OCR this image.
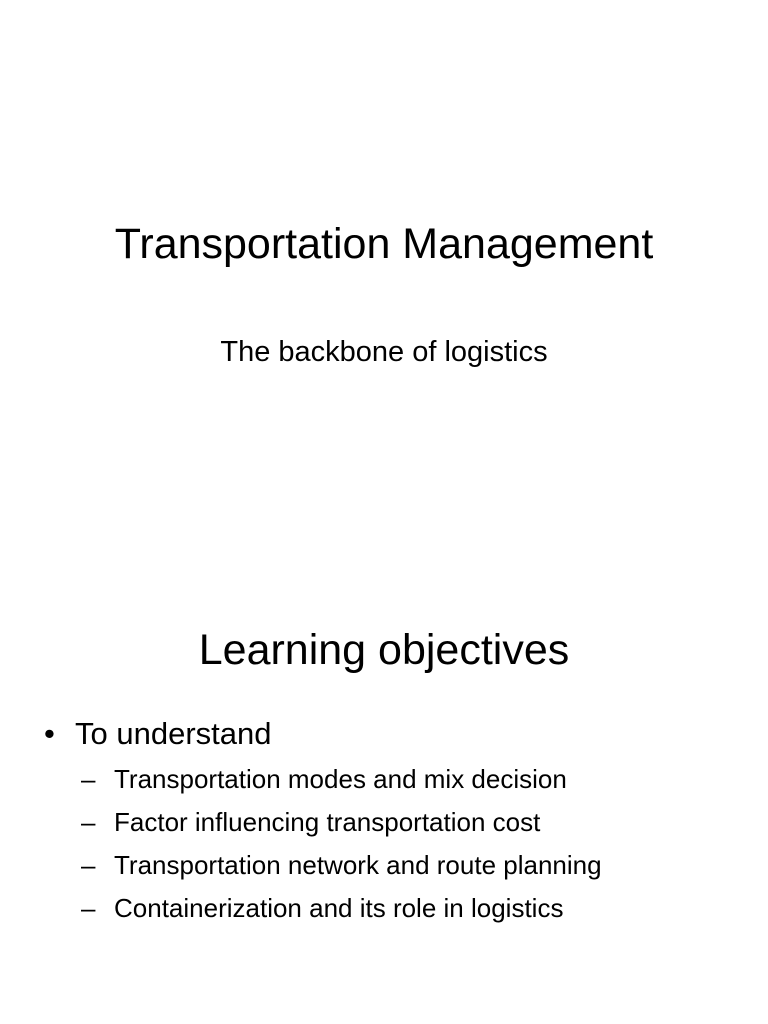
Transportation Management

The backbone of logistics

Learning objectives
• To understand
– Transportation modes and mix decision
– Factor influencing transportation cost
– Transportation network and route planning
– Containerization and its role in logistics
